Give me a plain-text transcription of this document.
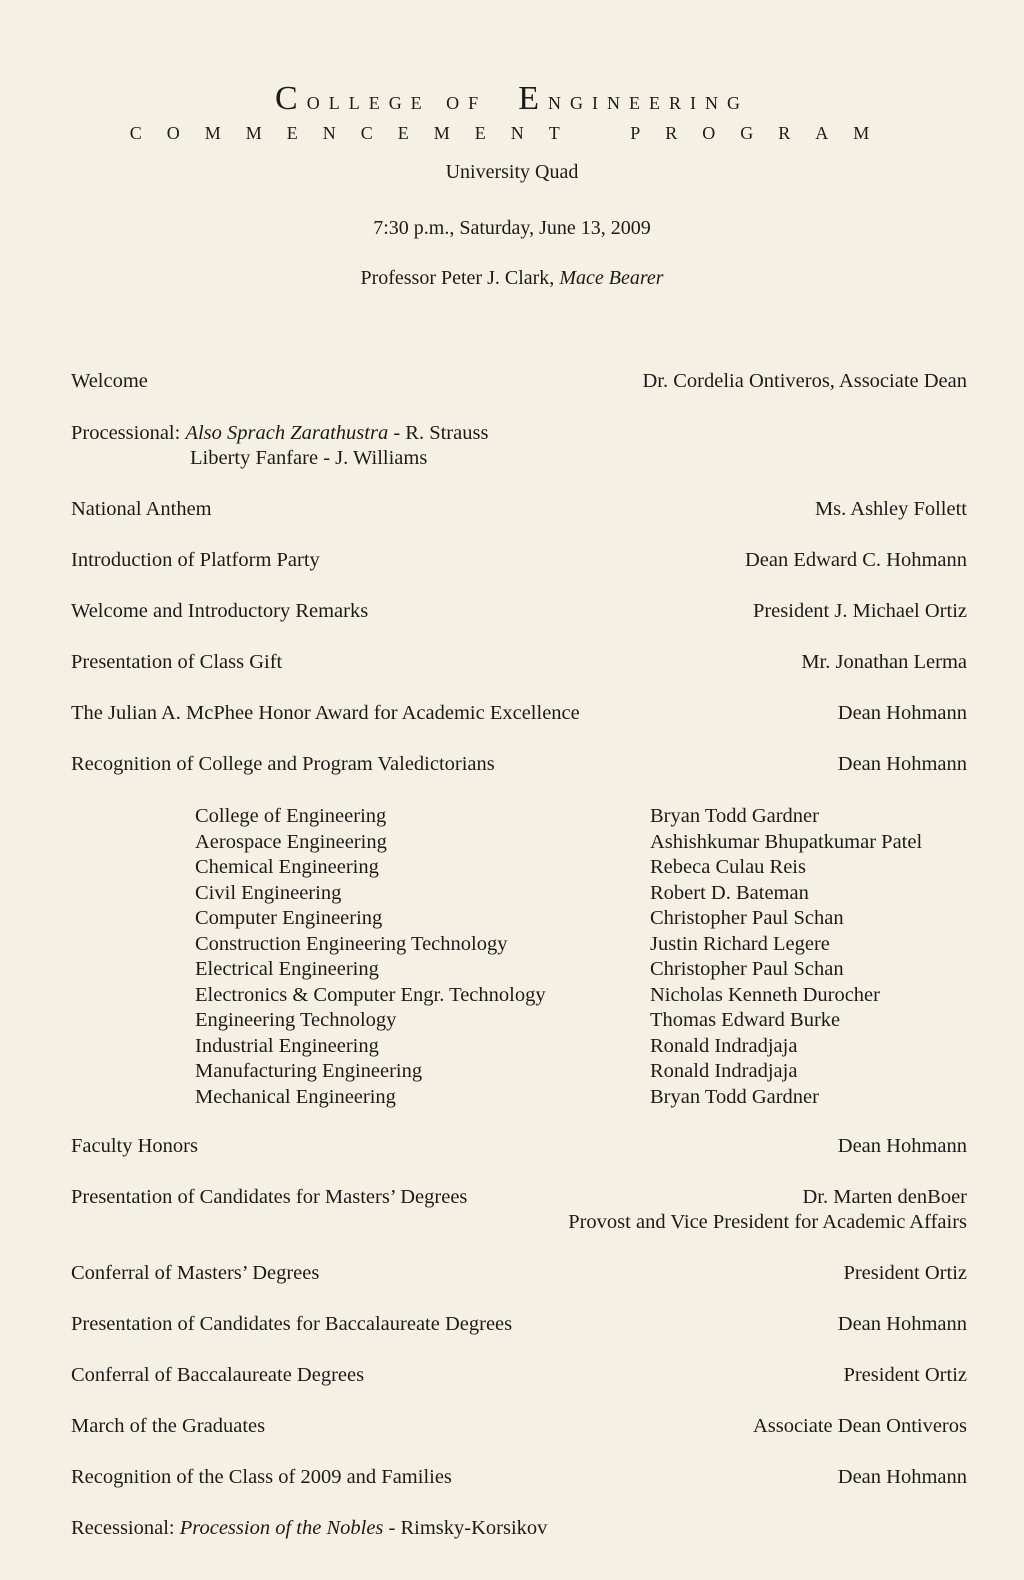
College of Engineering
COMMENCEMENT	PROGRAM
University Quad
7:30 p.m., Saturday, June 13, 2009
Professor Peter J. Clark, Mace Bearer
Welcome	Dr. Cordelia Ontiveros, Associate Dean
Processional: Also Sprach Zarathustra - R. Strauss
Liberty Fanfare - J. Williams
National Anthem	Ms. Ashley Follett
Introduction of Platform Party	Dean Edward C. Hohmann
Welcome and Introductory Remarks	President J. Michael Ortiz
Presentation of Class Gift	Mr. Jonathan Lerma
The Julian A. McPhee Honor Award for Academic Excellence	Dean Hohmann
Recognition of College and Program Valedictorians	Dean Hohmann
College of Engineering	Bryan Todd Gardner
Aerospace Engineering	Ashishkumar Bhupatkumar Patel
Chemical Engineering	Rebeca Culau Reis
Civil Engineering	Robert D. Bateman
Computer Engineering	Christopher Paul Schan
Construction Engineering Technology	Justin Richard Legere
Electrical Engineering	Christopher Paul Schan
Electronics & Computer Engr. Technology	Nicholas Kenneth Durocher
Engineering Technology	Thomas Edward Burke
Industrial Engineering	Ronald Indradjaja
Manufacturing Engineering	Ronald Indradjaja
Mechanical Engineering	Bryan Todd Gardner
Faculty Honors	Dean Hohmann
Presentation of Candidates for Masters’ Degrees	Dr. Marten denBoer
Provost and Vice President for Academic Affairs
Conferral of Masters’ Degrees	President Ortiz
Presentation of Candidates for Baccalaureate Degrees	Dean Hohmann
Conferral of Baccalaureate Degrees	President Ortiz
March of the Graduates	Associate Dean Ontiveros
Recognition of the Class of 2009 and Families	Dean Hohmann
Recessional: Procession of the Nobles - Rimsky-Korsikov
